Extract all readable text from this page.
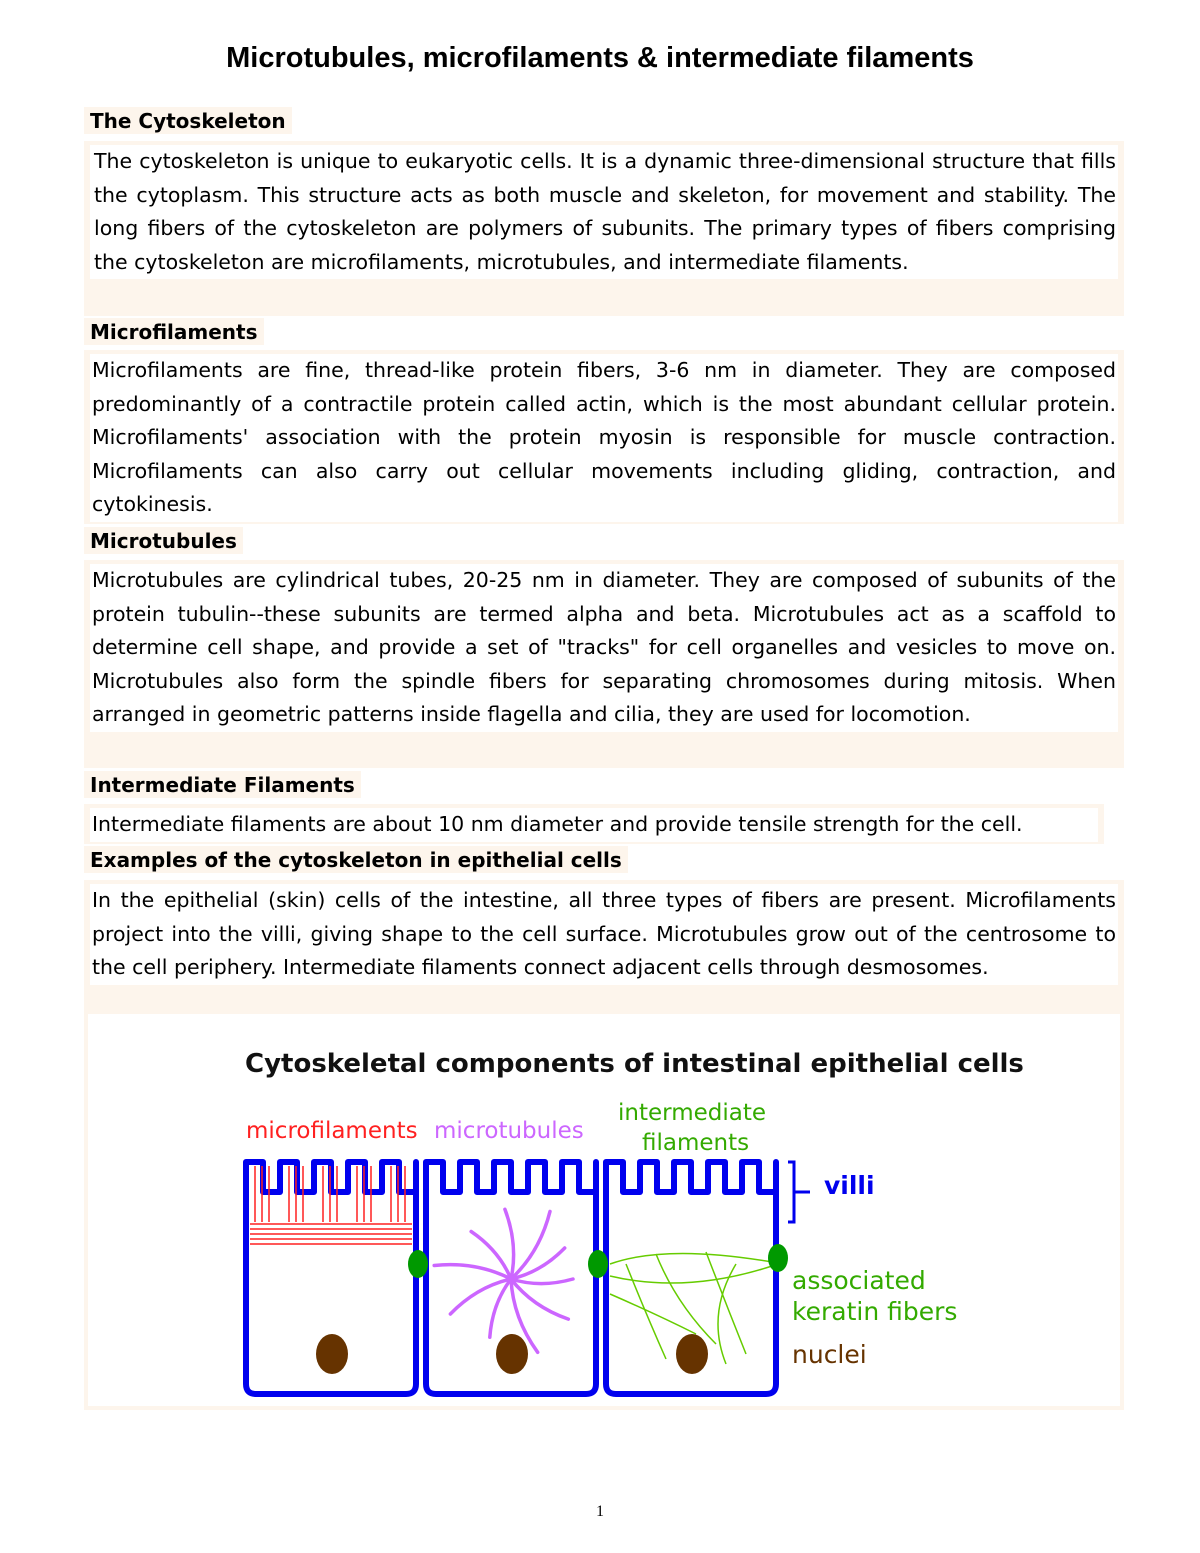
Microtubules, microfilaments & intermediate filaments
The Cytoskeleton
The cytoskeleton is unique to eukaryotic cells. It is a dynamic three-dimensional structure that fills the cytoplasm. This structure acts as both muscle and skeleton, for movement and stability. The long fibers of the cytoskeleton are polymers of subunits. The primary types of fibers comprising the cytoskeleton are microfilaments, microtubules, and intermediate filaments.
Microfilaments
Microfilaments are fine, thread-like protein fibers, 3-6 nm in diameter. They are composed predominantly of a contractile protein called actin, which is the most abundant cellular protein. Microfilaments' association with the protein myosin is responsible for muscle contraction. Microfilaments can also carry out cellular movements including gliding, contraction, and cytokinesis.
Microtubules
Microtubules are cylindrical tubes, 20-25 nm in diameter. They are composed of subunits of the protein tubulin--these subunits are termed alpha and beta. Microtubules act as a scaffold to determine cell shape, and provide a set of "tracks" for cell organelles and vesicles to move on. Microtubules also form the spindle fibers for separating chromosomes during mitosis. When arranged in geometric patterns inside flagella and cilia, they are used for locomotion.
Intermediate Filaments
Intermediate filaments are about 10 nm diameter and provide tensile strength for the cell.
Examples of the cytoskeleton in epithelial cells
In the epithelial (skin) cells of the intestine, all three types of fibers are present. Microfilaments project into the villi, giving shape to the cell surface. Microtubules grow out of the centrosome to the cell periphery. Intermediate filaments connect adjacent cells through desmosomes.
Cytoskeletal components of intestinal epithelial cells
microfilaments microtubules
intermediate
filaments
villi
associated
keratin fibers
nuclei
1
